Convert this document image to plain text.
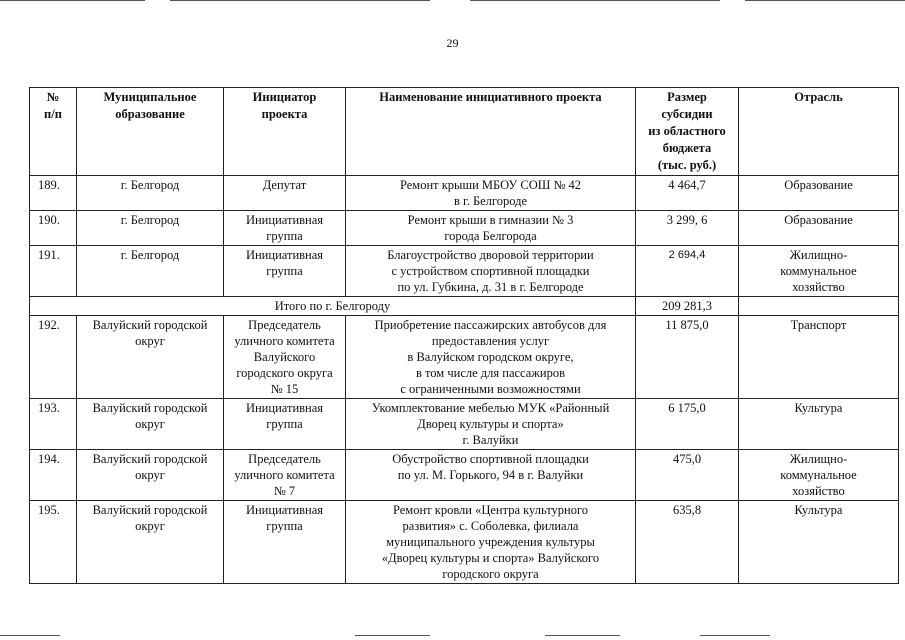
29
№
п/п	Муниципальное
образование	Инициатор
проекта	Наименование инициативного проекта	Размер
субсидии
из областного
бюджета
(тыс. руб.)	Отрасль
189.	г. Белгород	Депутат	Ремонт крыши МБОУ СОШ № 42
в г. Белгороде	4 464,7	Образование
190.	г. Белгород	Инициативная
группа	Ремонт крыши в гимназии № 3
города Белгорода	3 299, 6	Образование
191.	г. Белгород	Инициативная
группа	Благоустройство дворовой территории
с устройством спортивной площадки
по ул. Губкина, д. 31 в г. Белгороде	2 694,4	Жилищно-
коммунальное
хозяйство
Итого по г. Белгороду				209 281,3	
192.	Валуйский городской
округ	Председатель
уличного комитета
Валуйского
городского округа
№ 15	Приобретение пассажирских автобусов для
предоставления услуг
в Валуйском городском округе,
в том числе для пассажиров
с ограниченными возможностями	11 875,0	Транспорт
193.	Валуйский городской
округ	Инициативная
группа	Укомплектование мебелью МУК «Районный
Дворец культуры и спорта»
г. Валуйки	6 175,0	Культура
194.	Валуйский городской
округ	Председатель
уличного комитета
№ 7	Обустройство спортивной площадки
по ул. М. Горького, 94 в г. Валуйки	475,0	Жилищно-
коммунальное
хозяйство
195.	Валуйский городской
округ	Инициативная
группа	Ремонт кровли «Центра культурного
развития» с. Соболевка, филиала
муниципального учреждения культуры
«Дворец культуры и спорта» Валуйского
городского округа	635,8	Культура
